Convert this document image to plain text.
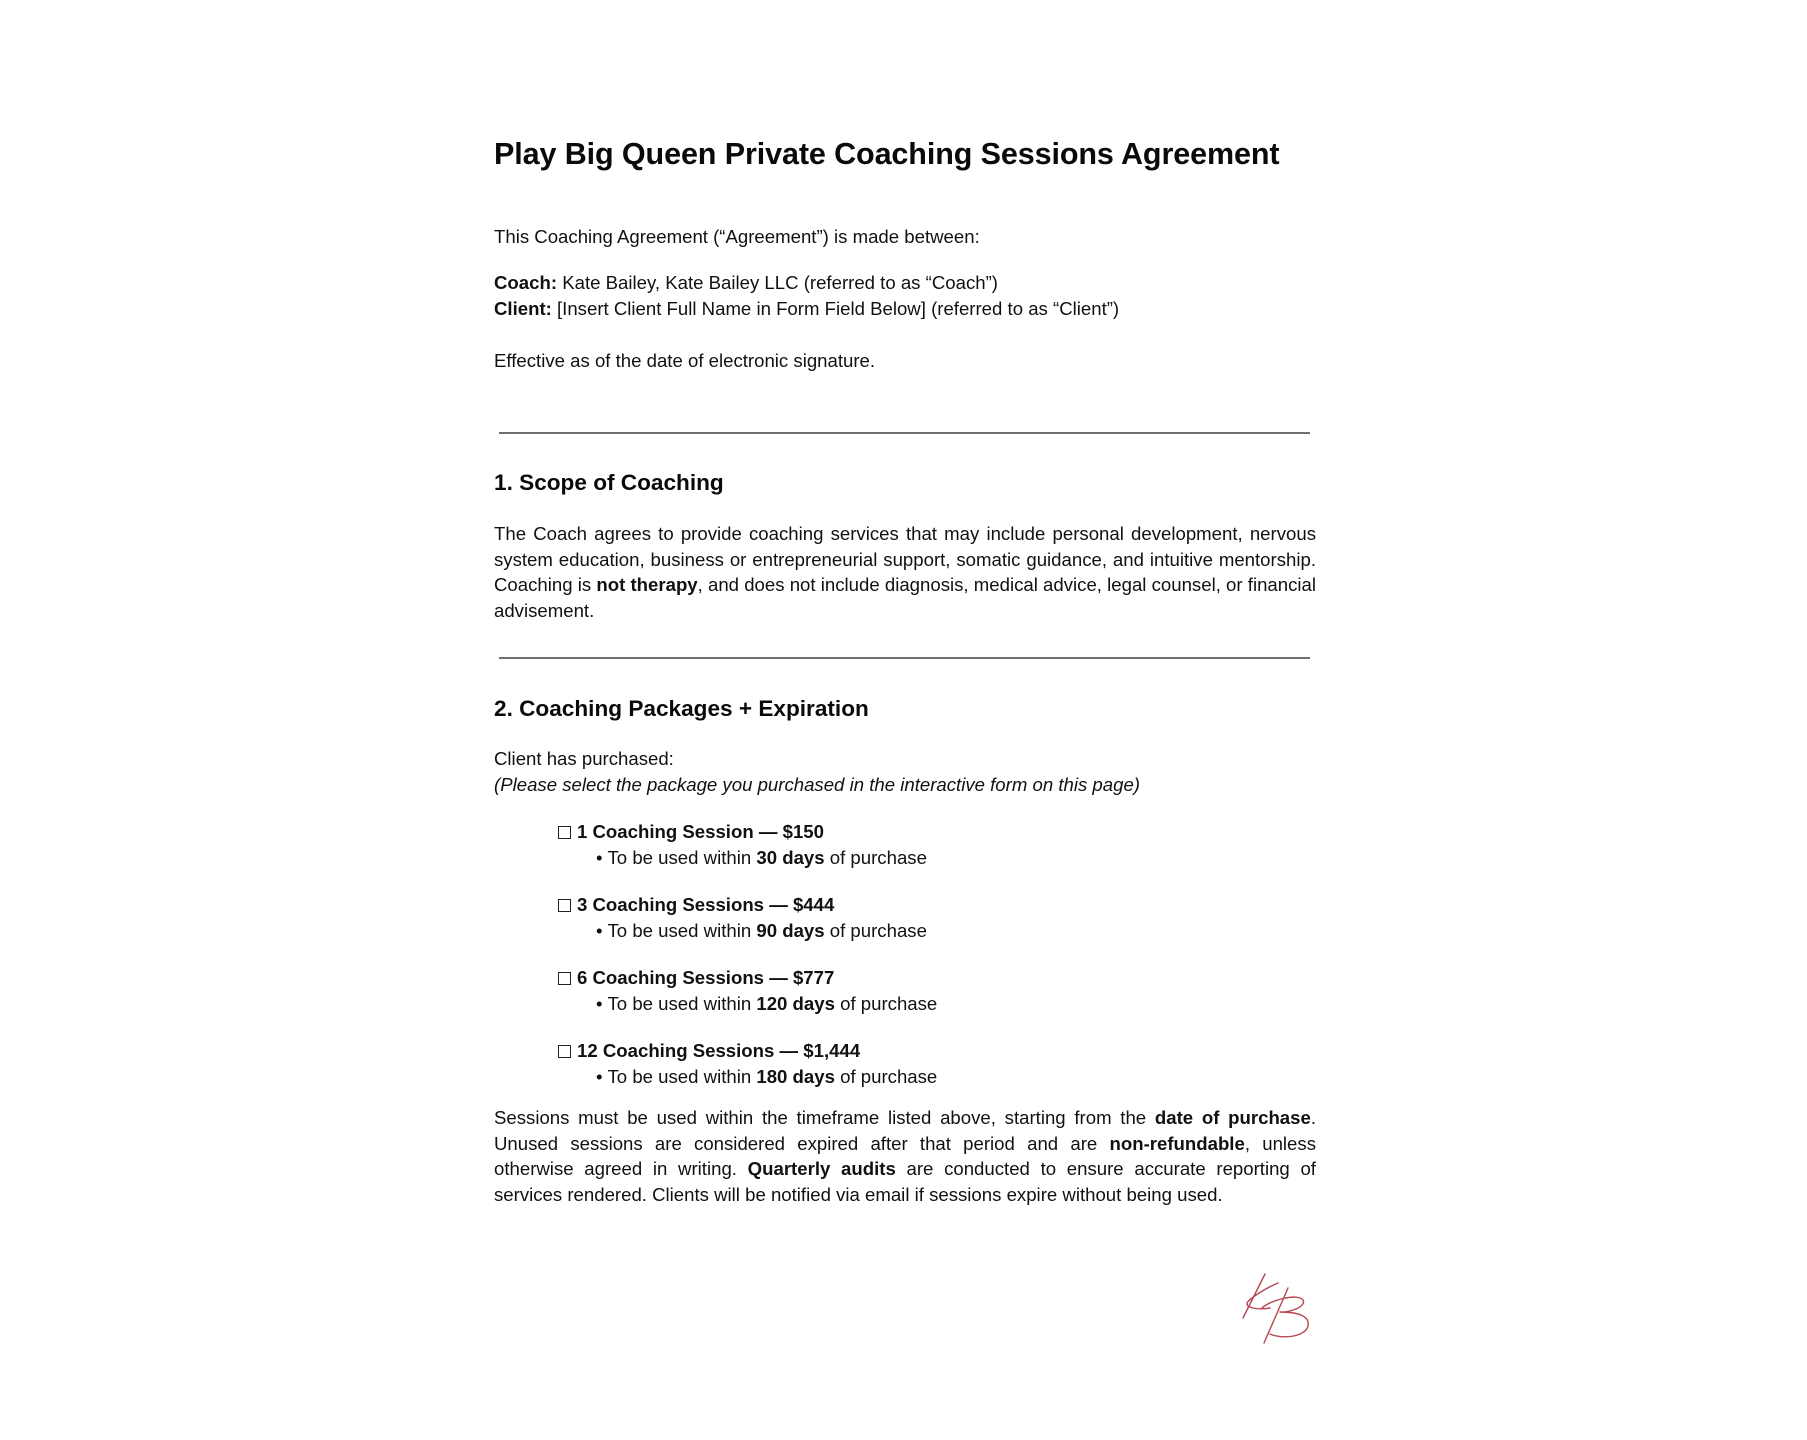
Play Big Queen Private Coaching Sessions Agreement
This Coaching Agreement (“Agreement”) is made between:
Coach: Kate Bailey, Kate Bailey LLC (referred to as “Coach”)
Client: [Insert Client Full Name in Form Field Below] (referred to as “Client”)
Effective as of the date of electronic signature.
1. Scope of Coaching
The Coach agrees to provide coaching services that may include personal development, nervous system education, business or entrepreneurial support, somatic guidance, and intuitive mentorship. Coaching is not therapy, and does not include diagnosis, medical advice, legal counsel, or financial advisement.
2. Coaching Packages + Expiration
Client has purchased:
(Please select the package you purchased in the interactive form on this page)
1 Coaching Session — $150
• To be used within 30 days of purchase
3 Coaching Sessions — $444
• To be used within 90 days of purchase
6 Coaching Sessions — $777
• To be used within 120 days of purchase
12 Coaching Sessions — $1,444
• To be used within 180 days of purchase
Sessions must be used within the timeframe listed above, starting from the date of purchase. Unused sessions are considered expired after that period and are non-refundable, unless otherwise agreed in writing. Quarterly audits are conducted to ensure accurate reporting of services rendered. Clients will be notified via email if sessions expire without being used.
